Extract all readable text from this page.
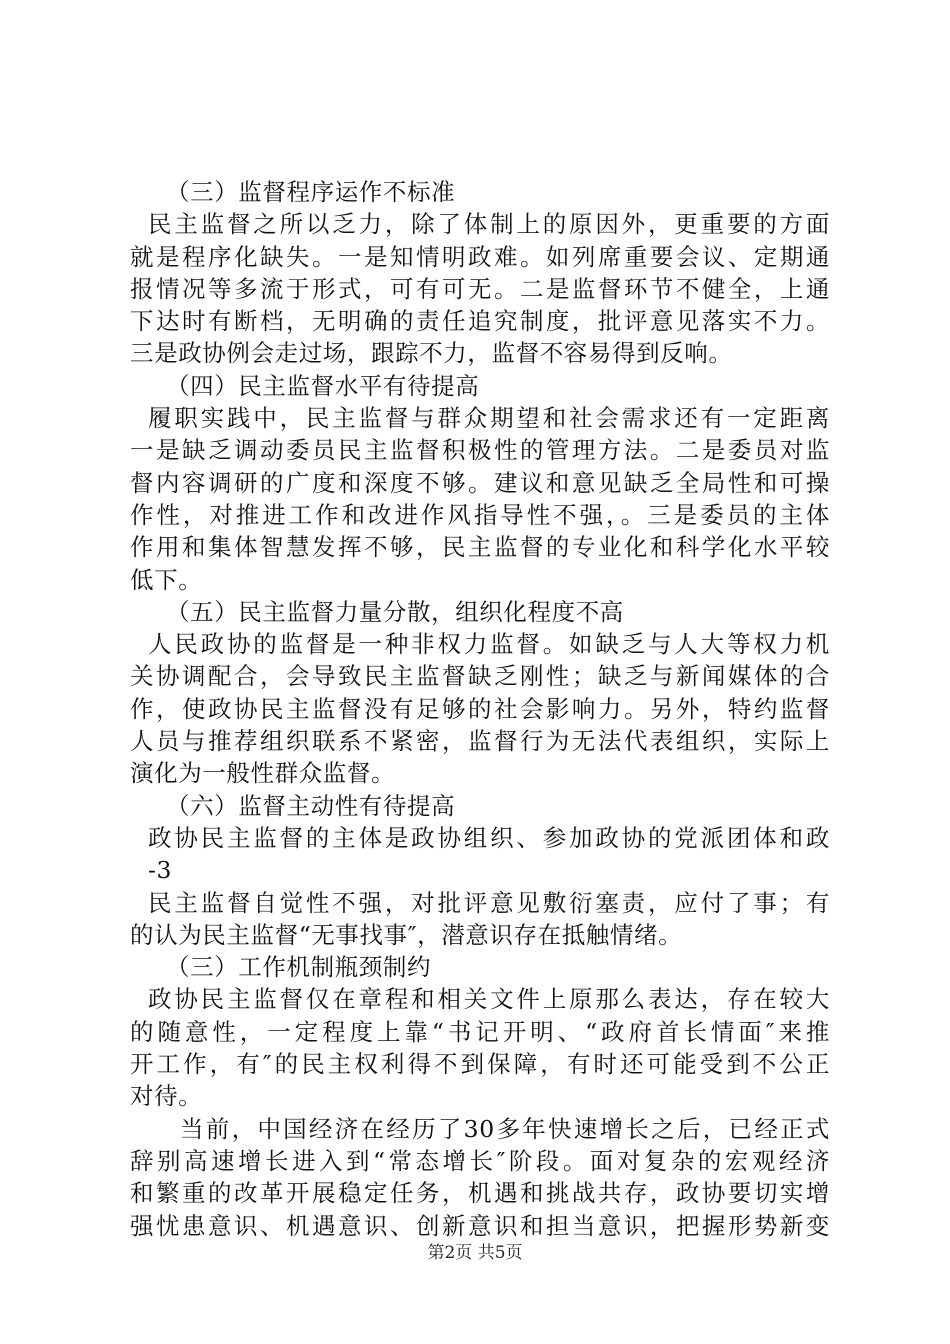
（三）监督程序运作不标准
民主监督之所以乏力，除了体制上的原因外，更重要的方面
就是程序化缺失。一是知情明政难。如列席重要会议、定期通
报情况等多流于形式，可有可无。二是监督环节不健全，上通
下达时有断档，无明确的责任追究制度，批评意见落实不力。
三是政协例会走过场，跟踪不力，监督不容易得到反响。
（四）民主监督水平有待提高
履职实践中，民主监督与群众期望和社会需求还有一定距离
一是缺乏调动委员民主监督积极性的管理方法。二是委员对监
督内容调研的广度和深度不够。建议和意见缺乏全局性和可操
作性，对推进工作和改进作风指导性不强，。三是委员的主体
作用和集体智慧发挥不够，民主监督的专业化和科学化水平较
低下。
（五）民主监督力量分散，组织化程度不高
人民政协的监督是一种非权力监督。如缺乏与人大等权力机
关协调配合，会导致民主监督缺乏刚性；缺乏与新闻媒体的合
作，使政协民主监督没有足够的社会影响力。另外，特约监督
人员与推荐组织联系不紧密，监督行为无法代表组织，实际上
演化为一般性群众监督。
（六）监督主动性有待提高
政协民主监督的主体是政协组织、参加政协的党派团体和政
-3
民主监督自觉性不强，对批评意见敷衍塞责，应付了事；有
的认为民主监督“无事找事″，潜意识存在抵触情绪。
（三）工作机制瓶颈制约
政协民主监督仅在章程和相关文件上原那么表达，存在较大
的随意性，一定程度上靠“书记开明、“政府首长情面″来推
开工作，有″的民主权利得不到保障，有时还可能受到不公正
对待。
当前，中国经济在经历了30多年快速增长之后，已经正式
辞别高速增长进入到“常态增长″阶段。面对复杂的宏观经济
和繁重的改革开展稳定任务，机遇和挑战共存，政协要切实增
强忧患意识、机遇意识、创新意识和担当意识，把握形势新变
第2页 共5页
